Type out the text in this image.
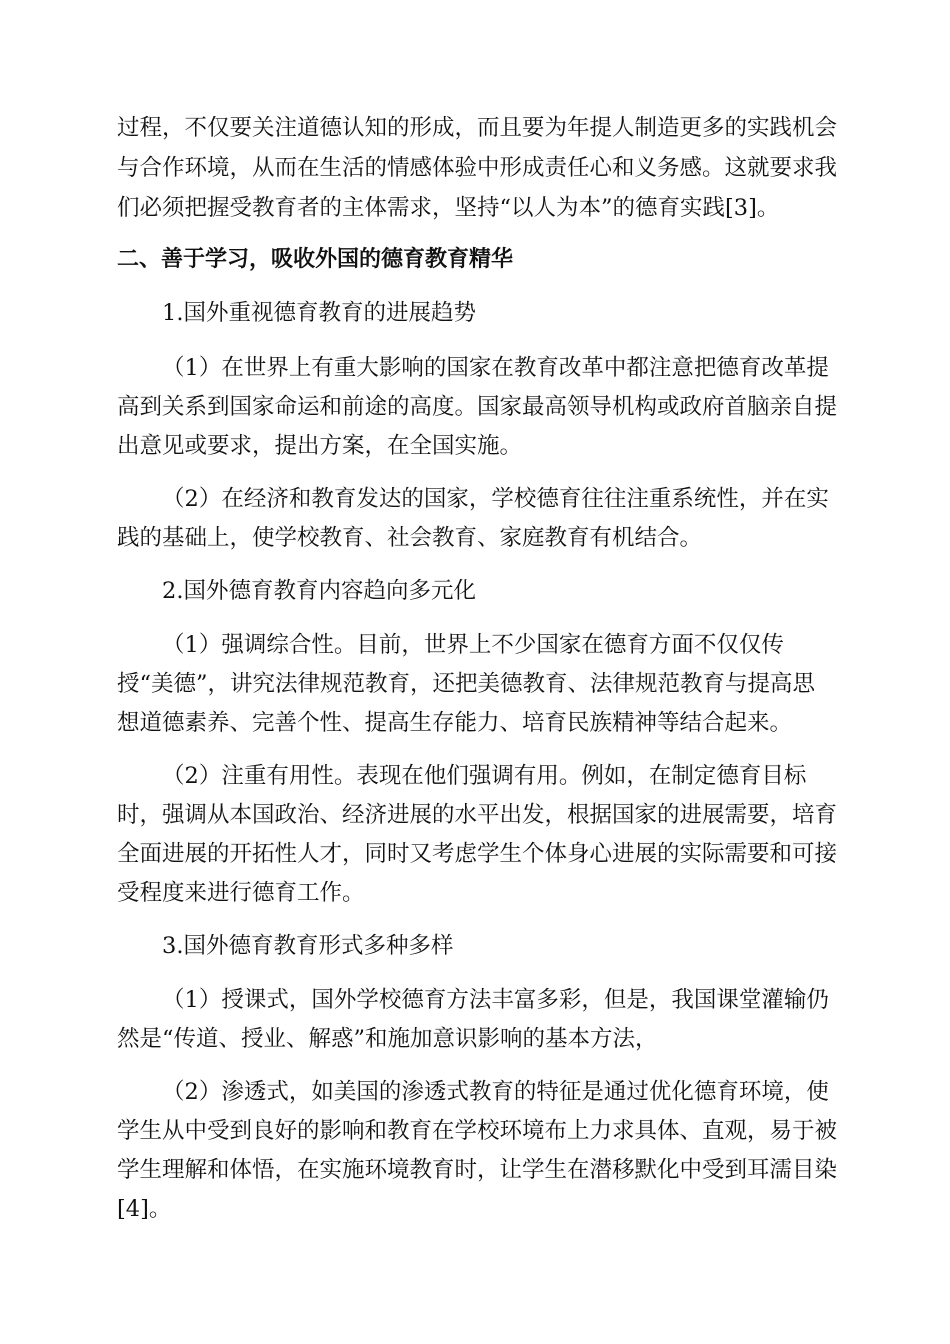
过程，不仅要关注道德认知的形成，而且要为年提人制造更多的实践机会
与合作环境，从而在生活的情感体验中形成责任心和义务感。这就要求我
们必须把握受教育者的主体需求，坚持“以人为本”的德育实践[3]。
二、善于学习，吸收外国的德育教育精华
1.国外重视德育教育的进展趋势
（1）在世界上有重大影响的国家在教育改革中都注意把德育改革提
高到关系到国家命运和前途的高度。国家最高领导机构或政府首脑亲自提
出意见或要求，提出方案，在全国实施。
（2）在经济和教育发达的国家，学校德育往往注重系统性，并在实
践的基础上，使学校教育、社会教育、家庭教育有机结合。
2.国外德育教育内容趋向多元化
（1）强调综合性。目前，世界上不少国家在德育方面不仅仅传
授“美德”，讲究法律规范教育，还把美德教育、法律规范教育与提高思
想道德素养、完善个性、提高生存能力、培育民族精神等结合起来。
（2）注重有用性。表现在他们强调有用。例如，在制定德育目标
时，强调从本国政治、经济进展的水平出发，根据国家的进展需要，培育
全面进展的开拓性人才，同时又考虑学生个体身心进展的实际需要和可接
受程度来进行德育工作。
3.国外德育教育形式多种多样
（1）授课式，国外学校德育方法丰富多彩，但是，我国课堂灌输仍
然是“传道、授业、解惑”和施加意识影响的基本方法，
（2）渗透式，如美国的渗透式教育的特征是通过优化德育环境，使
学生从中受到良好的影响和教育在学校环境布上力求具体、直观，易于被
学生理解和体悟，在实施环境教育时，让学生在潜移默化中受到耳濡目染
[4]。
